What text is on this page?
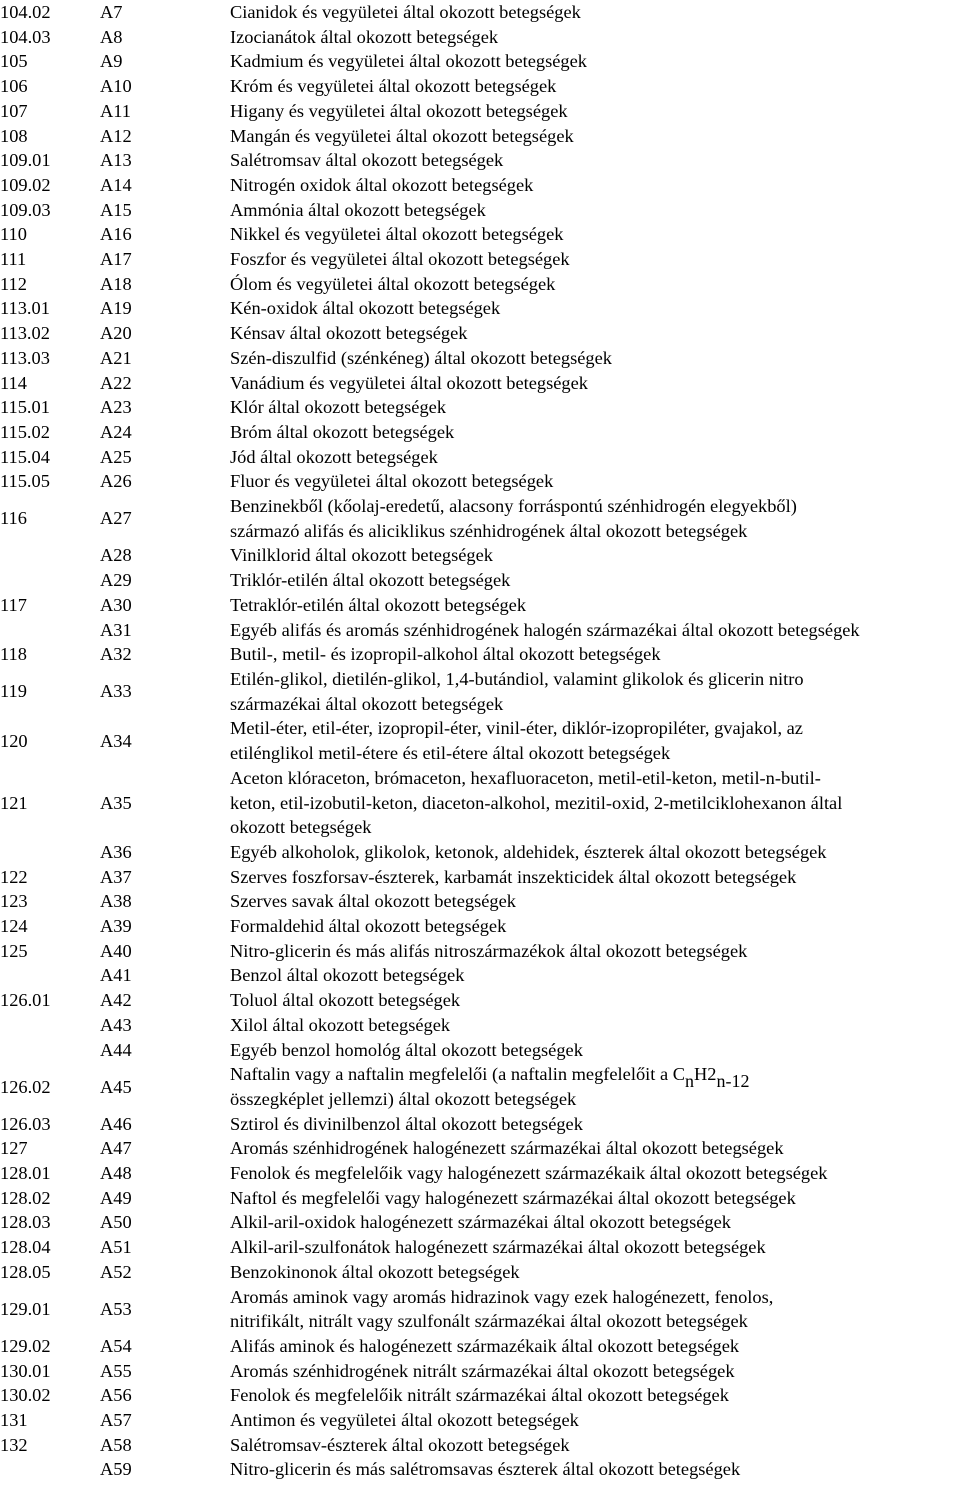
104.02	A7	Cianidok és vegyületei által okozott betegségek

104.03	A8	Izocianátok által okozott betegségek

105	A9	Kadmium és vegyületei által okozott betegségek

106	A10	Króm és vegyületei által okozott betegségek

107	A11	Higany és vegyületei által okozott betegségek

108	A12	Mangán és vegyületei által okozott betegségek

109.01	A13	Salétromsav által okozott betegségek

109.02	A14	Nitrogén oxidok által okozott betegségek

109.03	A15	Ammónia által okozott betegségek

110	A16	Nikkel és vegyületei által okozott betegségek

111	A17	Foszfor és vegyületei által okozott betegségek

112	A18	Ólom és vegyületei által okozott betegségek

113.01	A19	Kén-oxidok által okozott betegségek

113.02	A20	Kénsav által okozott betegségek

113.03	A21	Szén-diszulfid (szénkéneg) által okozott betegségek

114	A22	Vanádium és vegyületei által okozott betegségek

115.01	A23	Klór által okozott betegségek

115.02	A24	Bróm által okozott betegségek

115.04	A25	Jód által okozott betegségek

115.05	A26	Fluor és vegyületei által okozott betegségek

116	A27	Benzinekből (kőolaj-eredetű, alacsony forráspontú szénhidrogén elegyekből)
származó alifás és aliciklikus szénhidrogének által okozott betegségek

	A28	Vinilklorid által okozott betegségek

	A29	Triklór-etilén által okozott betegségek

117	A30	Tetraklór-etilén által okozott betegségek

	A31	Egyéb alifás és aromás szénhidrogének halogén származékai által okozott betegségek

118	A32	Butil-, metil- és izopropil-alkohol által okozott betegségek

119	A33	Etilén-glikol, dietilén-glikol, 1,4-butándiol, valamint glikolok és glicerin nitro
származékai által okozott betegségek

120	A34	Metil-éter, etil-éter, izopropil-éter, vinil-éter, diklór-izopropiléter, gvajakol, az
etilénglikol metil-étere és etil-étere által okozott betegségek

121	A35	Aceton klóraceton, brómaceton, hexafluoraceton, metil-etil-keton, metil-n-butil-
keton, etil-izobutil-keton, diaceton-alkohol, mezitil-oxid, 2-metilciklohexanon által
okozott betegségek

	A36	Egyéb alkoholok, glikolok, ketonok, aldehidek, észterek által okozott betegségek

122	A37	Szerves foszforsav-észterek, karbamát inszekticidek által okozott betegségek

123	A38	Szerves savak által okozott betegségek

124	A39	Formaldehid által okozott betegségek

125	A40	Nitro-glicerin és más alifás nitroszármazékok által okozott betegségek

	A41	Benzol által okozott betegségek

126.01	A42	Toluol által okozott betegségek

	A43	Xilol által okozott betegségek

	A44	Egyéb benzol homológ által okozott betegségek

126.02	A45	Naftalin vagy a naftalin megfelelői (a naftalin megfelelőit a $C_nH2_{n-12}$
összegképlet jellemzi) által okozott betegségek

126.03	A46	Sztirol és divinilbenzol által okozott betegségek

127	A47	Aromás szénhidrogének halogénezett származékai által okozott betegségek

128.01	A48	Fenolok és megfelelőik vagy halogénezett származékaik által okozott betegségek

128.02	A49	Naftol és megfelelői vagy halogénezett származékai által okozott betegségek

128.03	A50	Alkil-aril-oxidok halogénezett származékai által okozott betegségek

128.04	A51	Alkil-aril-szulfonátok halogénezett származékai által okozott betegségek

128.05	A52	Benzokinonok által okozott betegségek

129.01	A53	Aromás aminok vagy aromás hidrazinok vagy ezek halogénezett, fenolos,
nitrifikált, nitrált vagy szulfonált származékai által okozott betegségek

129.02	A54	Alifás aminok és halogénezett származékaik által okozott betegségek

130.01	A55	Aromás szénhidrogének nitrált származékai által okozott betegségek

130.02	A56	Fenolok és megfelelőik nitrált származékai által okozott betegségek

131	A57	Antimon és vegyületei által okozott betegségek

132	A58	Salétromsav-észterek által okozott betegségek

	A59	Nitro-glicerin és más salétromsavas észterek által okozott betegségek
